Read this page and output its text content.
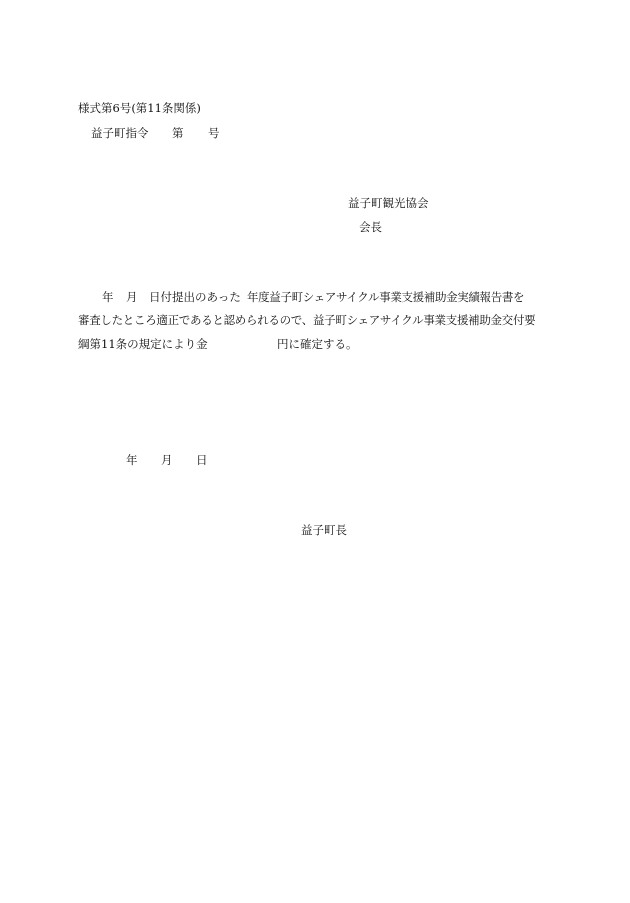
様式第6号(第11条関係)
益子町指令 第 号
益子町観光協会
会長
年 月 日付提出のあった 年度益子町シェアサイクル事業支援補助金実績報告書を
審査したところ適正であると認められるので、益子町シェアサイクル事業支援補助金交付要
綱第11条の規定により金	円に確定する。
年 月 日
益子町長
